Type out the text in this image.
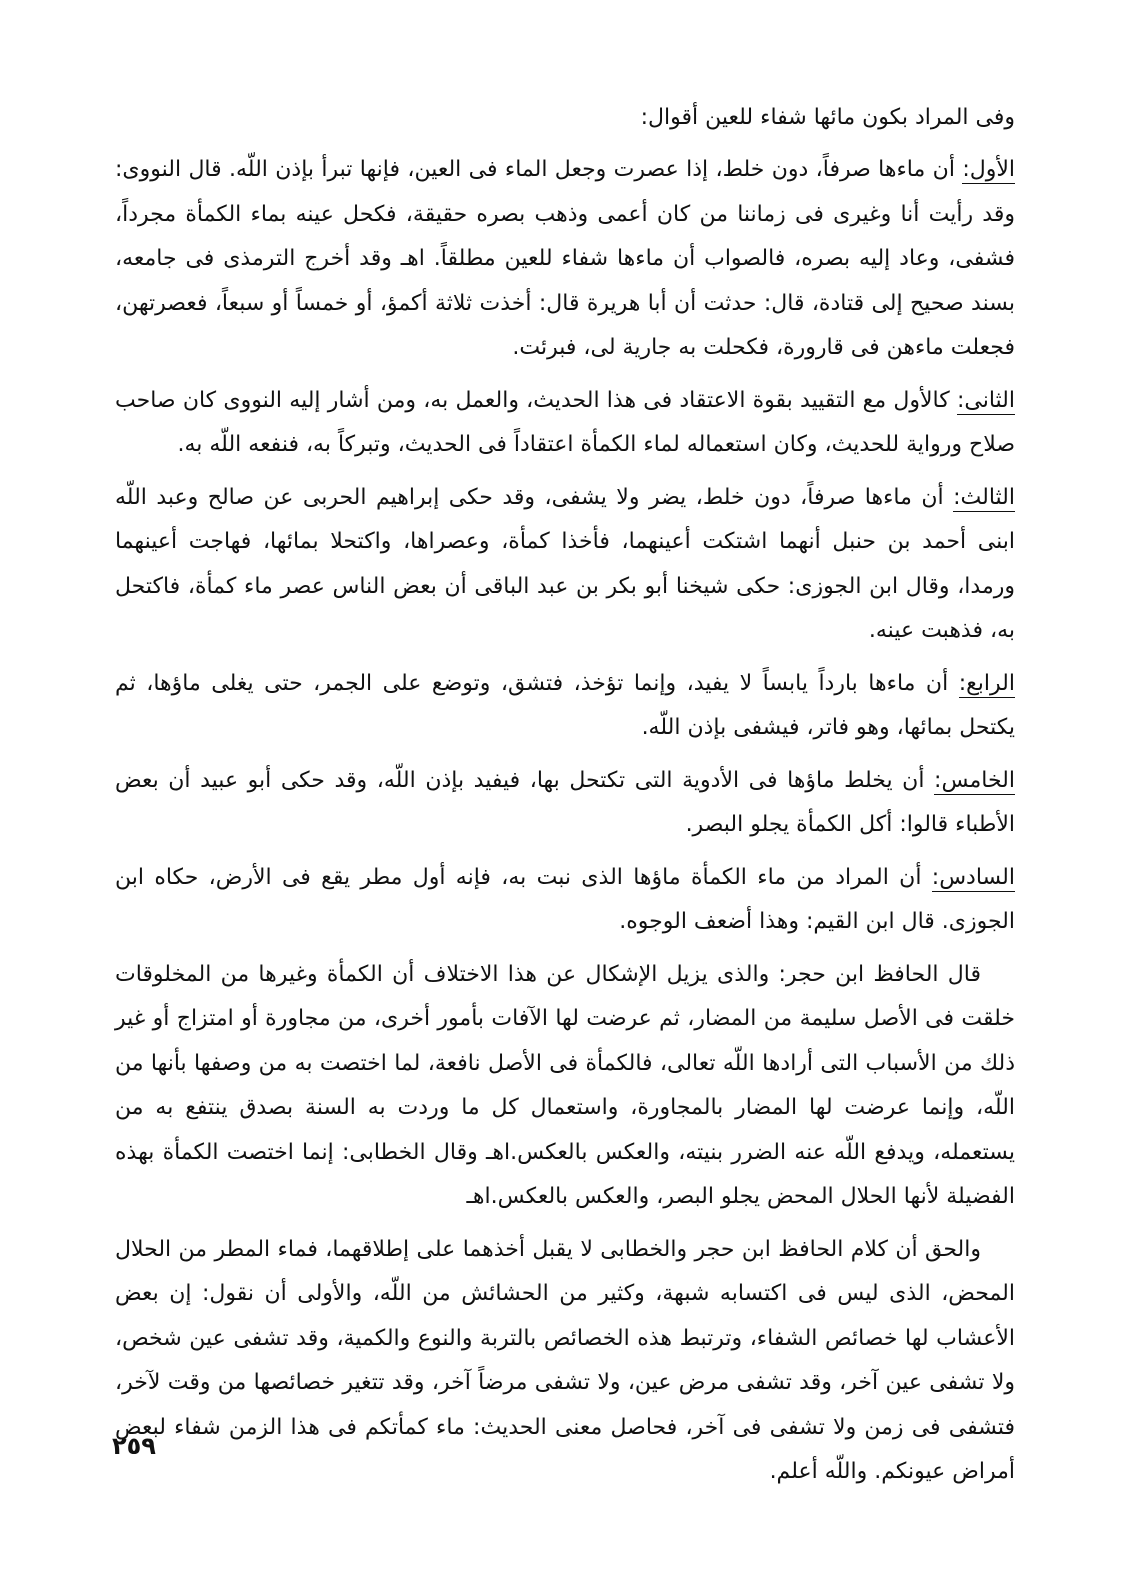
وفى المراد بكون مائها شفاء للعين أقوال:

الأول: أن ماءها صرفاً، دون خلط، إذا عصرت وجعل الماء فى العين، فإنها تبرأ بإذن اللّه. قال النووى: وقد رأيت أنا وغيرى فى زماننا من كان أعمى وذهب بصره حقيقة، فكحل عينه بماء الكمأة مجرداً، فشفى، وعاد إليه بصره، فالصواب أن ماءها شفاء للعين مطلقاً. اهـ وقد أخرج الترمذى فى جامعه، بسند صحيح إلى قتادة، قال: حدثت أن أبا هريرة قال: أخذت ثلاثة أكمؤ، أو خمساً أو سبعاً، فعصرتهن، فجعلت ماءهن فى قارورة، فكحلت به جارية لى، فبرئت.

الثانى: كالأول مع التقييد بقوة الاعتقاد فى هذا الحديث، والعمل به، ومن أشار إليه النووى كان صاحب صلاح ورواية للحديث، وكان استعماله لماء الكمأة اعتقاداً فى الحديث، وتبركاً به، فنفعه اللّه به.

الثالث: أن ماءها صرفاً، دون خلط، يضر ولا يشفى، وقد حكى إبراهيم الحربى عن صالح وعبد اللّه ابنى أحمد بن حنبل أنهما اشتكت أعينهما، فأخذا كمأة، وعصراها، واكتحلا بمائها، فهاجت أعينهما ورمدا، وقال ابن الجوزى: حكى شيخنا أبو بكر بن عبد الباقى أن بعض الناس عصر ماء كمأة، فاكتحل به، فذهبت عينه.

الرابع: أن ماءها بارداً يابساً لا يفيد، وإنما تؤخذ، فتشق، وتوضع على الجمر، حتى يغلى ماؤها، ثم يكتحل بمائها، وهو فاتر، فيشفى بإذن اللّه.

الخامس: أن يخلط ماؤها فى الأدوية التى تكتحل بها، فيفيد بإذن اللّه، وقد حكى أبو عبيد أن بعض الأطباء قالوا: أكل الكمأة يجلو البصر.

السادس: أن المراد من ماء الكمأة ماؤها الذى نبت به، فإنه أول مطر يقع فى الأرض، حكاه ابن الجوزى. قال ابن القيم: وهذا أضعف الوجوه.

قال الحافظ ابن حجر: والذى يزيل الإشكال عن هذا الاختلاف أن الكمأة وغيرها من المخلوقات خلقت فى الأصل سليمة من المضار، ثم عرضت لها الآفات بأمور أخرى، من مجاورة أو امتزاج أو غير ذلك من الأسباب التى أرادها اللّه تعالى، فالكمأة فى الأصل نافعة، لما اختصت به من وصفها بأنها من اللّه، وإنما عرضت لها المضار بالمجاورة، واستعمال كل ما وردت به السنة بصدق ينتفع به من يستعمله، ويدفع اللّه عنه الضرر بنيته، والعكس بالعكس.اهـ وقال الخطابى: إنما اختصت الكمأة بهذه الفضيلة لأنها الحلال المحض يجلو البصر، والعكس بالعكس.اهـ

والحق أن كلام الحافظ ابن حجر والخطابى لا يقبل أخذهما على إطلاقهما، فماء المطر من الحلال المحض، الذى ليس فى اكتسابه شبهة، وكثير من الحشائش من اللّه، والأولى أن نقول: إن بعض الأعشاب لها خصائص الشفاء، وترتبط هذه الخصائص بالتربة والنوع والكمية، وقد تشفى عين شخص، ولا تشفى عين آخر، وقد تشفى مرض عين، ولا تشفى مرضاً آخر، وقد تتغير خصائصها من وقت لآخر، فتشفى فى زمن ولا تشفى فى آخر، فحاصل معنى الحديث: ماء كمأتكم فى هذا الزمن شفاء لبعض أمراض عيونكم. واللّه أعلم.

٢٥٩
